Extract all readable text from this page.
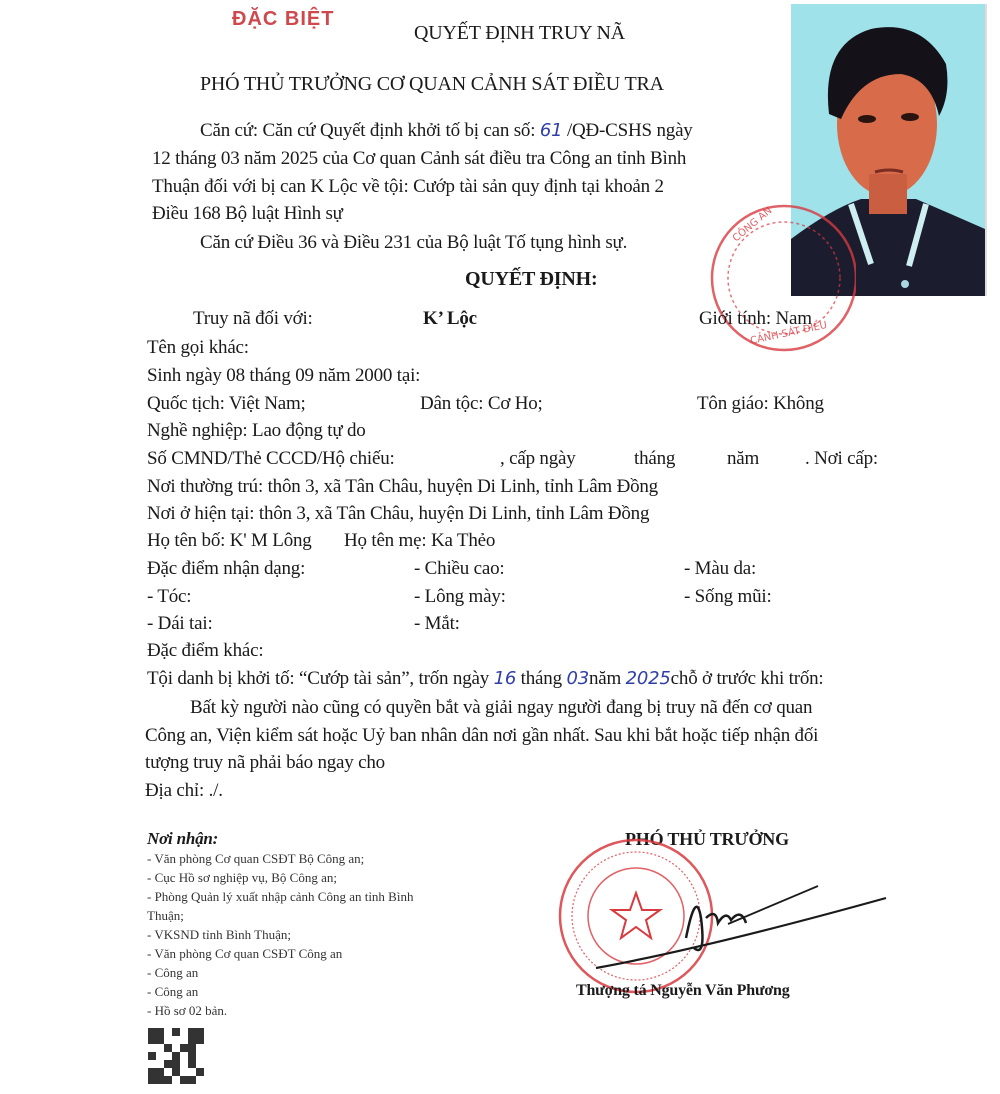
ĐẶC BIỆT
QUYẾT ĐỊNH TRUY NÃ
PHÓ THỦ TRƯỞNG CƠ QUAN CẢNH SÁT ĐIỀU TRA
CÔNG AN
CẢNH SÁT ĐIỀU
Căn cứ: Căn cứ Quyết định khởi tố bị can số: 61 /QĐ-CSHS ngày
12 tháng 03 năm 2025 của Cơ quan Cảnh sát điều tra Công an tỉnh Bình
Thuận đối với bị can K Lộc về tội: Cướp tài sản quy định tại khoản 2
Điều 168 Bộ luật Hình sự
Căn cứ Điều 36 và Điều 231 của Bộ luật Tố tụng hình sự.
QUYẾT ĐỊNH:
Truy nã đối với:	K’ Lộc	Giới tính: Nam
Tên gọi khác:
Sinh ngày 08 tháng 09 năm 2000 tại:
Quốc tịch: Việt Nam;	Dân tộc: Cơ Ho;	Tôn giáo: Không
Nghề nghiệp: Lao động tự do
Số CMND/Thẻ CCCD/Hộ chiếu:	, cấp ngày	tháng	năm . Nơi cấp:
Nơi thường trú: thôn 3, xã Tân Châu, huyện Di Linh, tỉnh Lâm Đồng
Nơi ở hiện tại: thôn 3, xã Tân Châu, huyện Di Linh, tỉnh Lâm Đồng
Họ tên bố: K' M Lông Họ tên mẹ: Ka Thẻo
Đặc điểm nhận dạng:	- Chiều cao:	- Màu da:
- Tóc:	- Lông mày:	- Sống mũi:
- Dái tai:	- Mắt:
Đặc điểm khác:
Tội danh bị khởi tố: “Cướp tài sản”, trốn ngày 16 tháng 03năm 2025chỗ ở trước khi trốn:
Bất kỳ người nào cũng có quyền bắt và giải ngay người đang bị truy nã đến cơ quan
Công an, Viện kiểm sát hoặc Uỷ ban nhân dân nơi gần nhất. Sau khi bắt hoặc tiếp nhận đối
tượng truy nã phải báo ngay cho
Địa chỉ: ./.
Nơi nhận:
- Văn phòng Cơ quan CSĐT Bộ Công an;
- Cục Hồ sơ nghiệp vụ, Bộ Công an;
- Phòng Quản lý xuất nhập cảnh Công an tỉnh Bình
Thuận;
- VKSND tỉnh Bình Thuận;
- Văn phòng Cơ quan CSĐT Công an
- Công an
- Công an
- Hồ sơ 02 bản.
PHÓ THỦ TRƯỞNG
Thượng tá Nguyễn Văn Phương
